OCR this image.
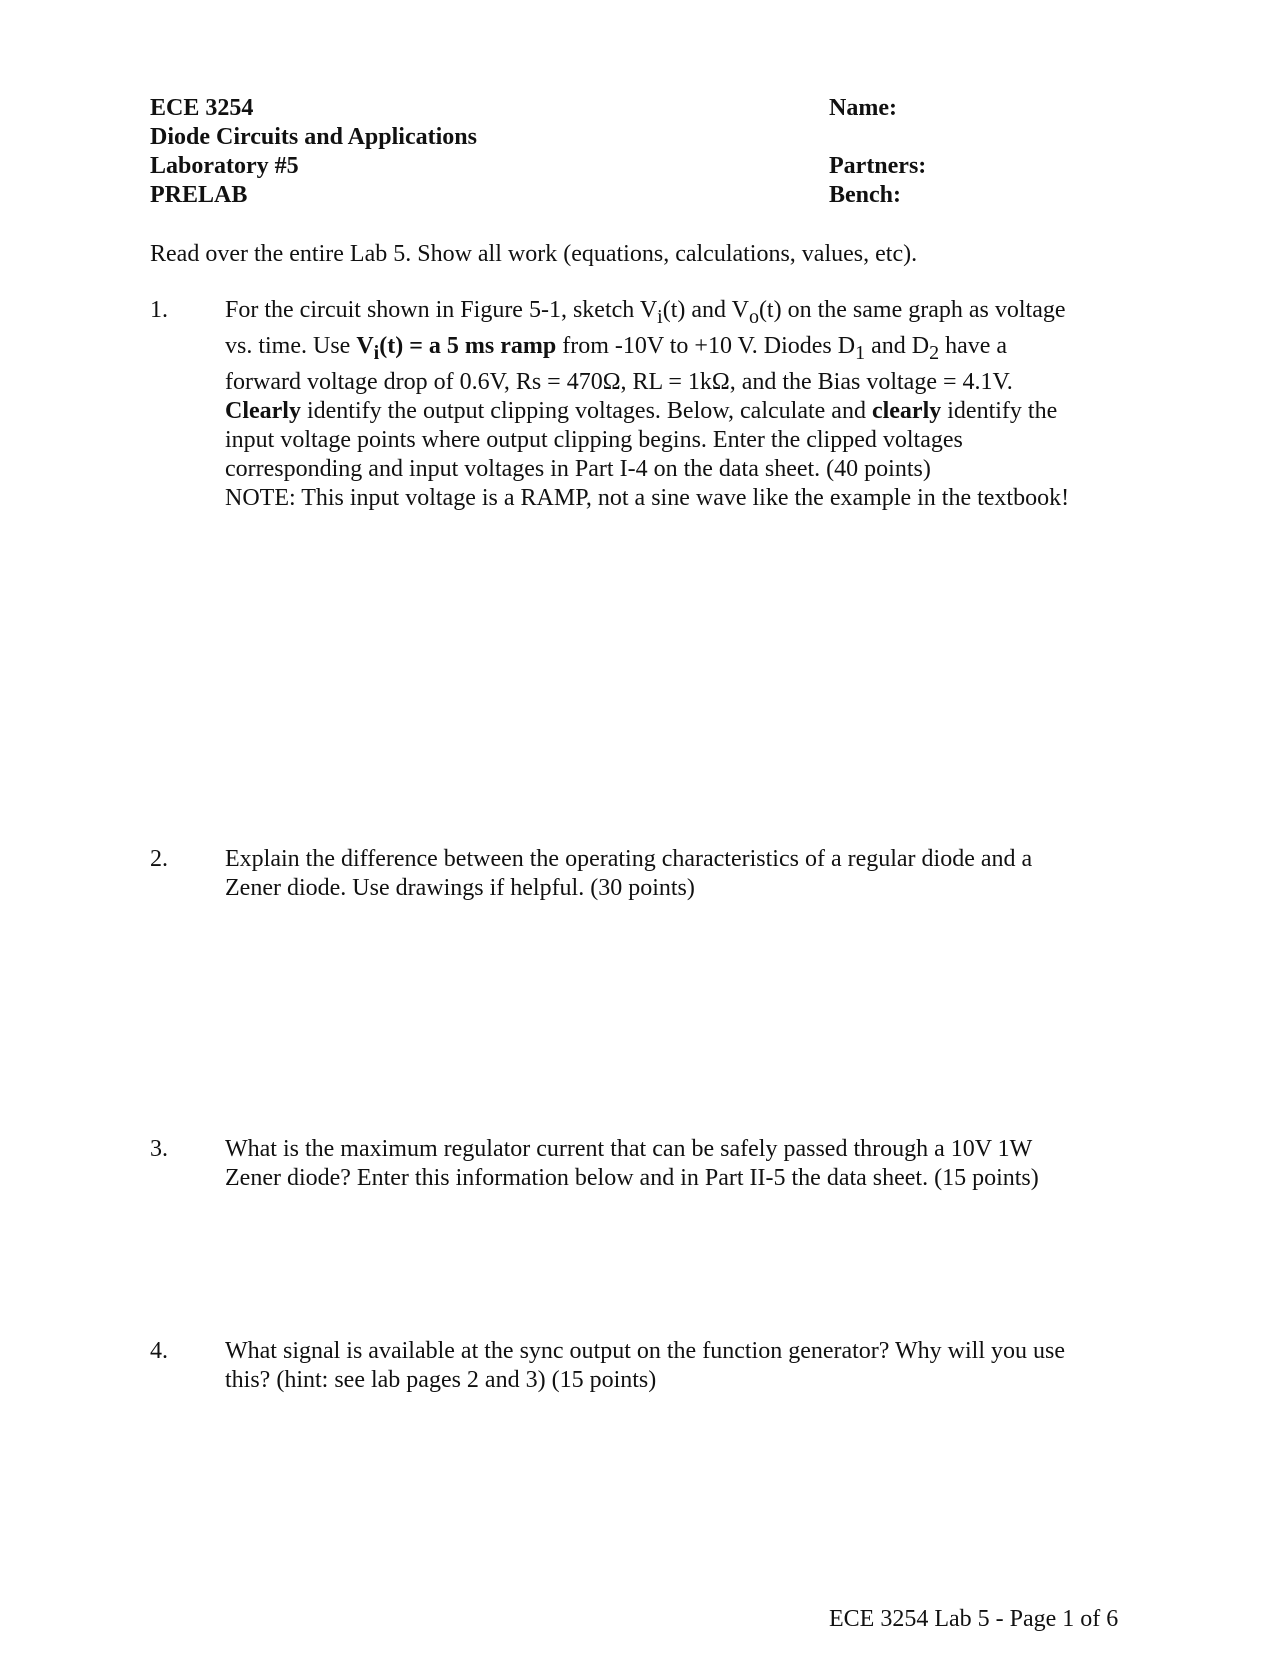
ECE 3254
Diode Circuits and Applications
Laboratory #5
PRELAB
Name:
Partners:
Bench:
Read over the entire Lab 5. Show all work (equations, calculations, values, etc).
1.	For the circuit shown in Figure 5-1, sketch $V_i(t)$ and $V_o(t)$ on the same graph as voltage
vs. time. Use $V_i(t) = a$ 5 ms ramp from -10V to +10 V. Diodes $D_1$ and $D_2$ have a
forward voltage drop of 0.6V, Rs = 470Ω, RL = 1kΩ, and the Bias voltage = 4.1V.
Clearly identify the output clipping voltages. Below, calculate and clearly identify the
input voltage points where output clipping begins. Enter the clipped voltages
corresponding and input voltages in Part I-4 on the data sheet. (40 points)
NOTE: This input voltage is a RAMP, not a sine wave like the example in the textbook!
2.	Explain the difference between the operating characteristics of a regular diode and a
Zener diode. Use drawings if helpful. (30 points)
3.	What is the maximum regulator current that can be safely passed through a 10V 1W
Zener diode? Enter this information below and in Part II-5 the data sheet. (15 points)
4.	What signal is available at the sync output on the function generator? Why will you use
this? (hint: see lab pages 2 and 3) (15 points)
ECE 3254 Lab 5 - Page 1 of 6
